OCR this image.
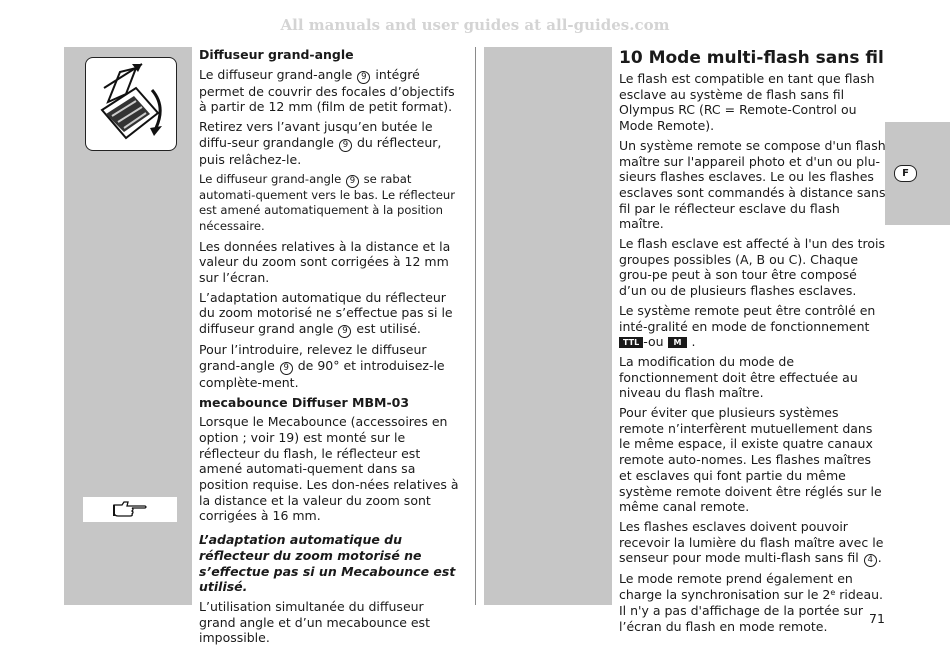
All manuals and user guides at all-guides.com
F
Diffuseur grand-angle

Le diffuseur grand-angle 9 intégré permet de couvrir des focales d’objectifs à partir de 12 mm (film de petit format).

Retirez vers l’avant jusqu’en butée le diffu-seur grandangle 9 du réflecteur, puis relâchez-le.

Le diffuseur grand-angle 9 se rabat automati-quement vers le bas. Le réflecteur est amené automatiquement à la position nécessaire.

Les données relatives à la distance et la valeur du zoom sont corrigées à 12 mm sur l’écran.

L’adaptation automatique du réflecteur du zoom motorisé ne s’effectue pas si le diffuseur grand angle 9 est utilisé.

Pour l’introduire, relevez le diffuseur grand-angle 9 de 90° et introduisez-le complète-ment.

mecabounce Diffuser MBM-03

Lorsque le Mecabounce (accessoires en option ; voir 19) est monté sur le réflecteur du flash, le réflecteur est amené automati-quement dans sa position requise. Les don-nées relatives à la distance et la valeur du zoom sont corrigées à 16 mm.

L’adaptation automatique du réflecteur du zoom motorisé ne s’effectue pas si un Mecabounce est utilisé.

L’utilisation simultanée du diffuseur grand angle et d’un mecabounce est impossible.

10 Mode multi-flash sans fil

Le flash est compatible en tant que flash esclave au système de flash sans fil Olympus RC (RC = Remote-Control ou Mode Remote).

Un système remote se compose d'un flash maître sur l'appareil photo et d'un ou plu-sieurs flashes esclaves. Le ou les flashes esclaves sont commandés à distance sans fil par le réflecteur esclave du flash maître.

Le flash esclave est affecté à l'un des trois groupes possibles (A, B ou C). Chaque grou-pe peut à son tour être composé d’un ou de plusieurs flashes esclaves.

Le système remote peut être contrôlé en inté-gralité en mode de fonctionnement
TTL -ou M .

La modification du mode de fonctionnement doit être effectuée au niveau du flash maître.

Pour éviter que plusieurs systèmes remote n’interfèrent mutuellement dans le même espace, il existe quatre canaux remote auto-nomes. Les flashes maîtres et esclaves qui font partie du même système remote doivent être réglés sur le même canal remote.

Les flashes esclaves doivent pouvoir recevoir la lumière du flash maître avec le senseur pour mode multi-flash sans fil 4 .

Le mode remote prend également en charge la synchronisation sur le 2e rideau. Il n'y a pas d'affichage de la portée sur l’écran du flash en mode remote.	71
